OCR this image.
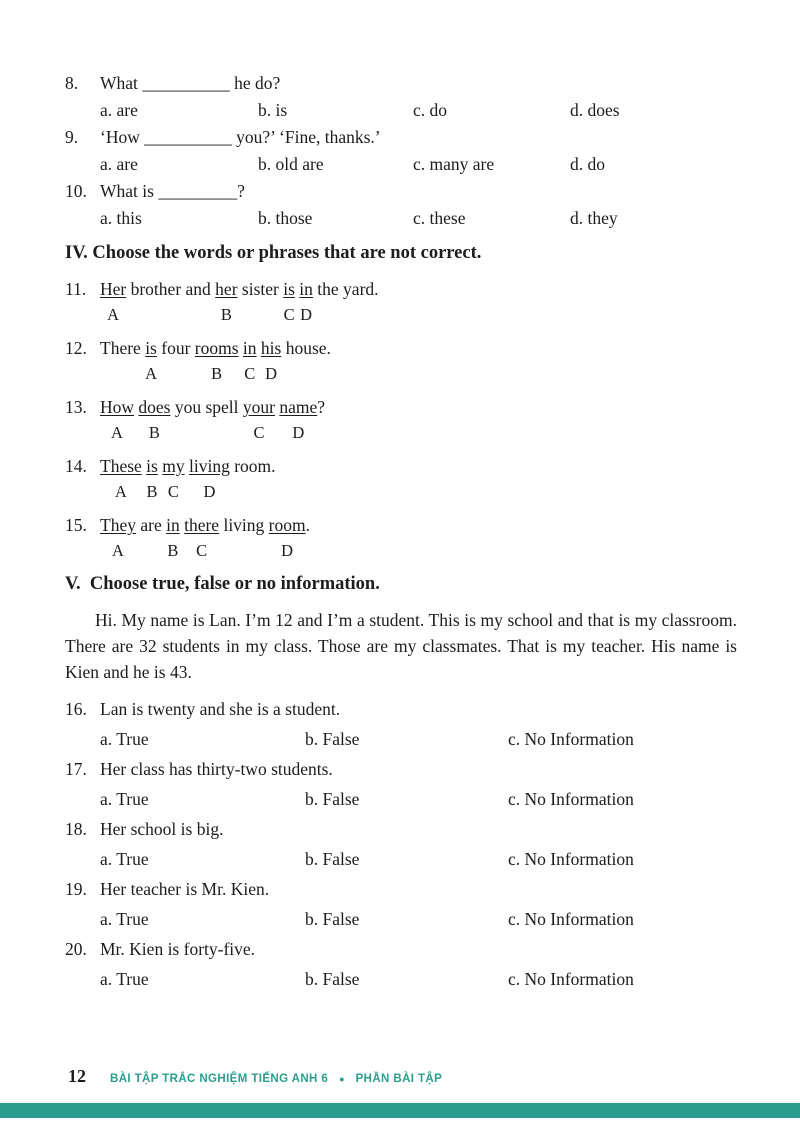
8. What __________ he do?
a. are	b. is	c. do	d. does
9. ‘How __________ you?’ ‘Fine, thanks.’
a. are	b. old are	c. many are	d. do
10. What is _________?
a. this	b. those	c. these	d. they
IV. Choose the words or phrases that are not correct.
11. Her brother and her sister is in the yard.
A	B	C D
12. There is four rooms in his house.
A	B C D
13. How does you spell your name?
A B	C D
14. These is my living room.
A B C D
15. They are in there living room.
A	B C	D
V.  Choose true, false or no information.
Hi. My name is Lan. I’m 12 and I’m a student. This is my school and that is my classroom. There are 32 students in my class. Those are my classmates. That is my teacher. His name is Kien and he is 43.
16. Lan is twenty and she is a student.
a. True	b. False	c. No Information
17. Her class has thirty-two students.
a. True	b. False	c. No Information
18. Her school is big.
a. True	b. False	c. No Information
19. Her teacher is Mr. Kien.
a. True	b. False	c. No Information
20. Mr. Kien is forty-five.
a. True	b. False	c. No Information
12 BÀI TẬP TRẮC NGHIỆM TIẾNG ANH 6 ● PHẦN BÀI TẬP
